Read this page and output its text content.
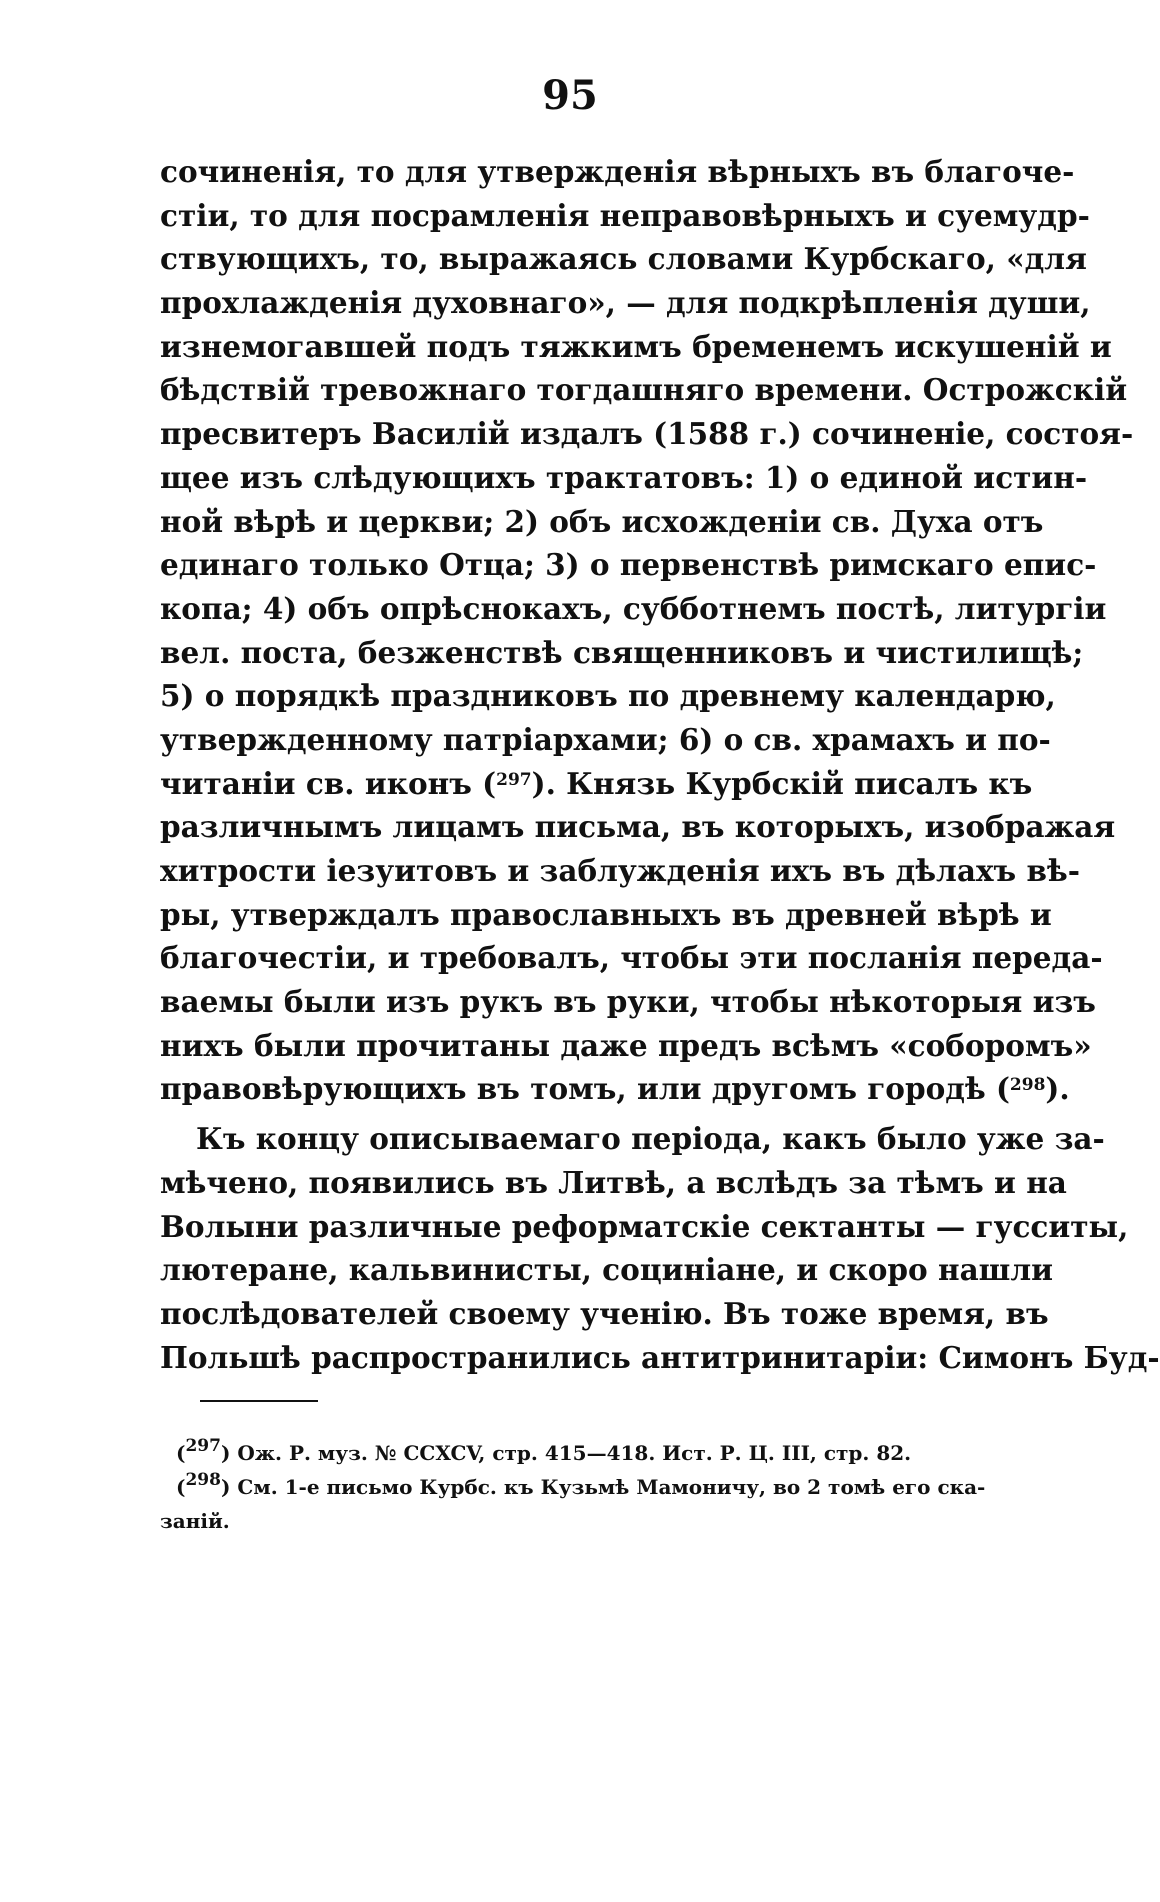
95
сочиненія, то для утвержденія вѣрныхъ въ благоче-
стіи, то для посрамленія неправовѣрныхъ и суемудр-
ствующихъ, то, выражаясь словами Курбскаго, «для
прохлажденія духовнаго», — для подкрѣпленія души,
изнемогавшей подъ тяжкимъ бременемъ искушеній и
бѣдствій тревожнаго тогдашняго времени. Острожскій
пресвитеръ Василій издалъ (1588 г.) сочиненіе, состоя-
щее изъ слѣдующихъ трактатовъ: 1) о единой истин-
ной вѣрѣ и церкви; 2) объ исхожденіи св. Духа отъ
единаго только Отца; 3) о первенствѣ римскаго епис-
копа; 4) объ опрѣснокахъ, субботнемъ постѣ, литургіи
вел. поста, безженствѣ священниковъ и чистилищѣ;
5) о порядкѣ праздниковъ по древнему календарю,
утвержденному патріархами; 6) о св. храмахъ и по-
читаніи св. иконъ ($^{297}$). Князь Курбскій писалъ къ
различнымъ лицамъ письма, въ которыхъ, изображая
хитрости іезуитовъ и заблужденія ихъ въ дѣлахъ вѣ-
ры, утверждалъ православныхъ въ древней вѣрѣ и
благочестіи, и требовалъ, чтобы эти посланія переда-
ваемы были изъ рукъ въ руки, чтобы нѣкоторыя изъ
нихъ были прочитаны даже предъ всѣмъ «соборомъ»
правовѣрующихъ въ томъ, или другомъ городѣ ($^{298}$).
Къ концу описываемаго періода, какъ было уже за-
мѣчено, появились въ Литвѣ, а вслѣдъ за тѣмъ и на
Волыни различные реформатскіе сектанты — гусситы,
лютеране, кальвинисты, социніане, и скоро нашли
послѣдователей своему ученію. Въ тоже время, въ
Польшѣ распространились антитринитаріи: Симонъ Буд-
($^{297}$) Ож. Р. муз. № CCXCV, стр. 415—418. Ист. Р. Ц. III, стр. 82.
($^{298}$) См. 1-е письмо Курбс. къ Кузьмѣ Мамоничу, во 2 томѣ его ска-
заній.
